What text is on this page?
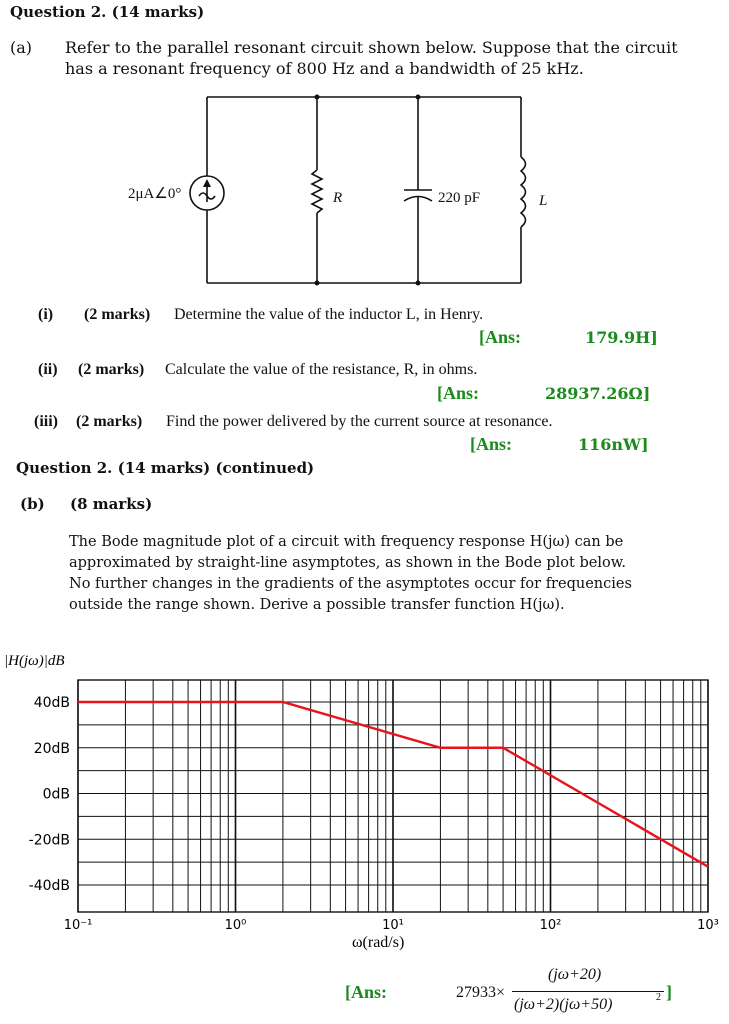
Question 2. (14 marks)
(a) Refer to the parallel resonant circuit shown below. Suppose that the circuit
has a resonant frequency of 800 Hz and a bandwidth of 25 kHz.
2μA∠0°	R	220 pF	L
(i) (2 marks) Determine the value of the inductor L, in Henry.
[Ans:	179.9H]
(ii) (2 marks) Calculate the value of the resistance, R, in ohms.
[Ans:	28937.26Ω]
(iii) (2 marks) Find the power delivered by the current source at resonance.
[Ans:	116nW]
Question 2. (14 marks) (continued)
(b) (8 marks)
The Bode magnitude plot of a circuit with frequency response H(jω) can be
approximated by straight-line asymptotes, as shown in the Bode plot below.
No further changes in the gradients of the asymptotes occur for frequencies
outside the range shown. Derive a possible transfer function H(jω).
40dB
20dB
0dB
-20dB
-40dB
10⁻¹	10⁰	10¹	10²	10³
|H(jω)|dB
ω(rad/s)
[Ans:	27933×
(jω+20)
(jω+2)(jω+50)	2 ]
